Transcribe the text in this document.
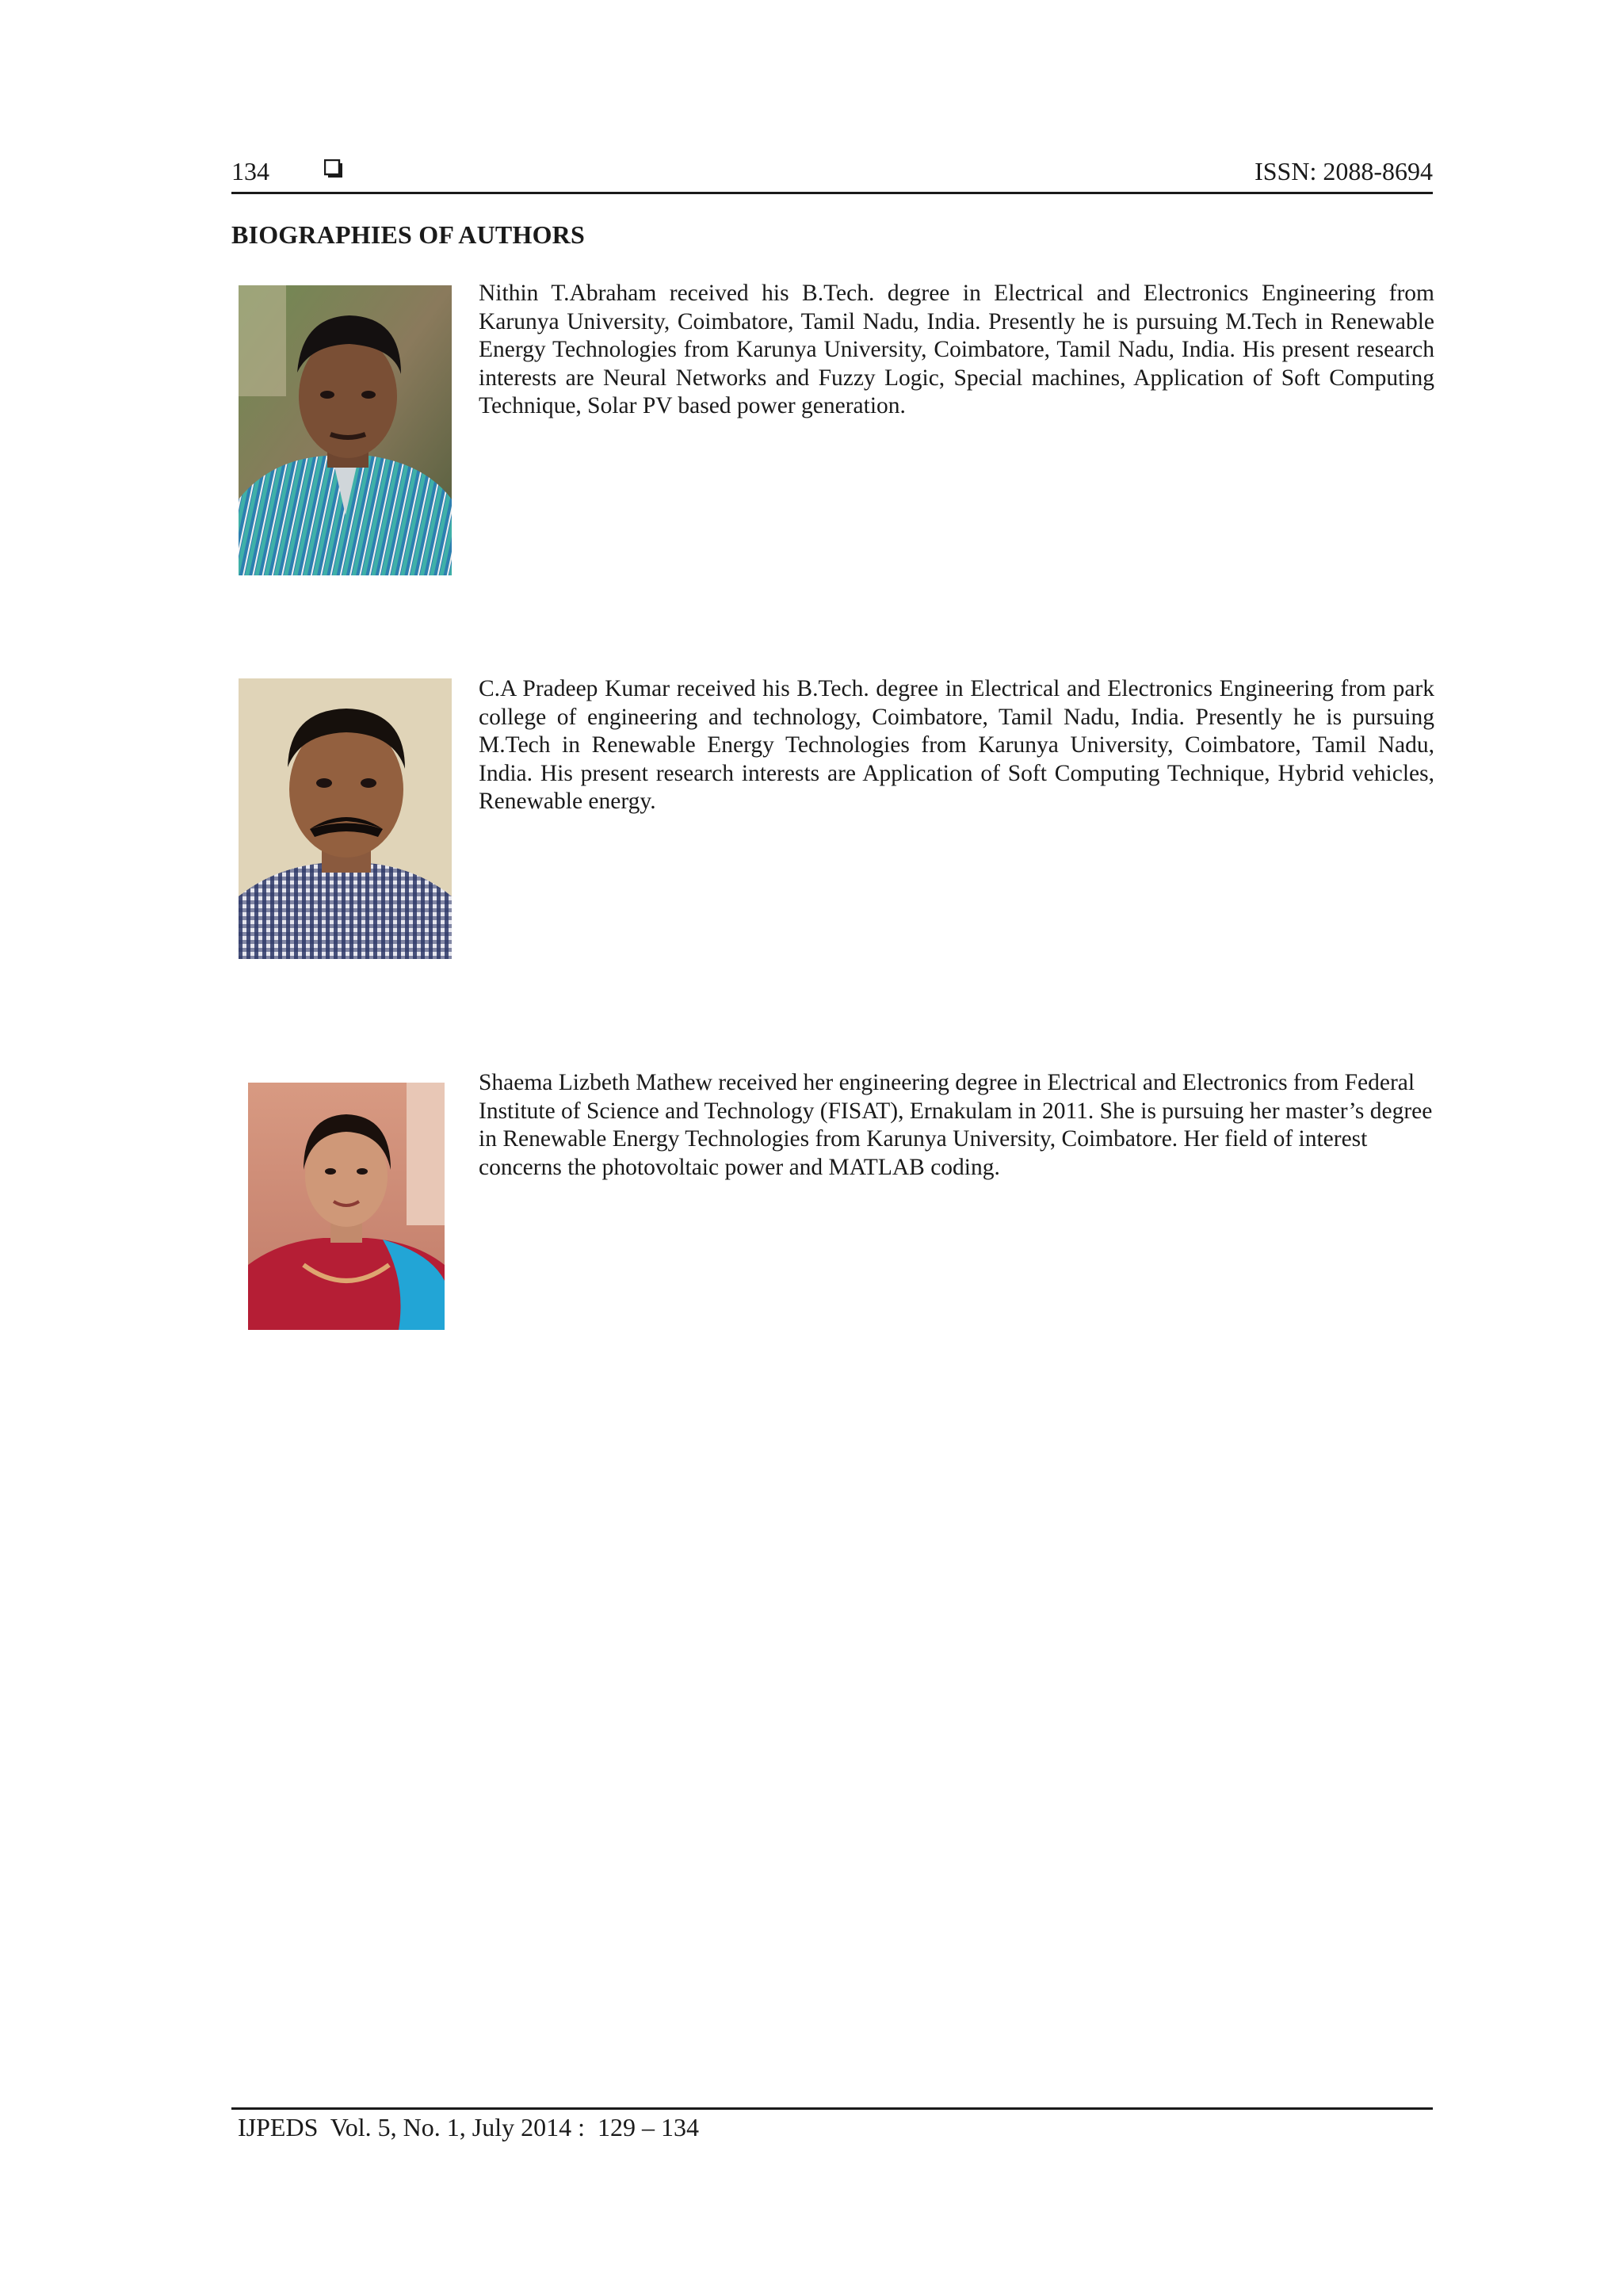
134	ISSN: 2088-8694
BIOGRAPHIES OF AUTHORS

Nithin T.Abraham received his B.Tech. degree in Electrical and Electronics Engineering from Karunya University, Coimbatore, Tamil Nadu, India. Presently he is pursuing M.Tech in Renewable Energy Technologies from Karunya University, Coimbatore, Tamil Nadu, India. His present research interests are Neural Networks and Fuzzy Logic, Special machines, Application of Soft Computing Technique, Solar PV based power generation.

C.A Pradeep Kumar received his B.Tech. degree in Electrical and Electronics Engineering from park college of engineering and technology, Coimbatore, Tamil Nadu, India. Presently he is pursuing M.Tech in Renewable Energy Technologies from Karunya University, Coimbatore, Tamil Nadu, India. His present research interests are Application of Soft Computing Technique, Hybrid vehicles, Renewable energy.

Shaema Lizbeth Mathew received her engineering degree in Electrical and Electronics from Federal Institute of Science and Technology (FISAT), Ernakulam in 2011. She is pursuing her master’s degree in Renewable Energy Technologies from Karunya University, Coimbatore. Her field of interest concerns the photovoltaic power and MATLAB coding.

IJPEDS  Vol. 5, No. 1, July 2014 :  129 – 134
